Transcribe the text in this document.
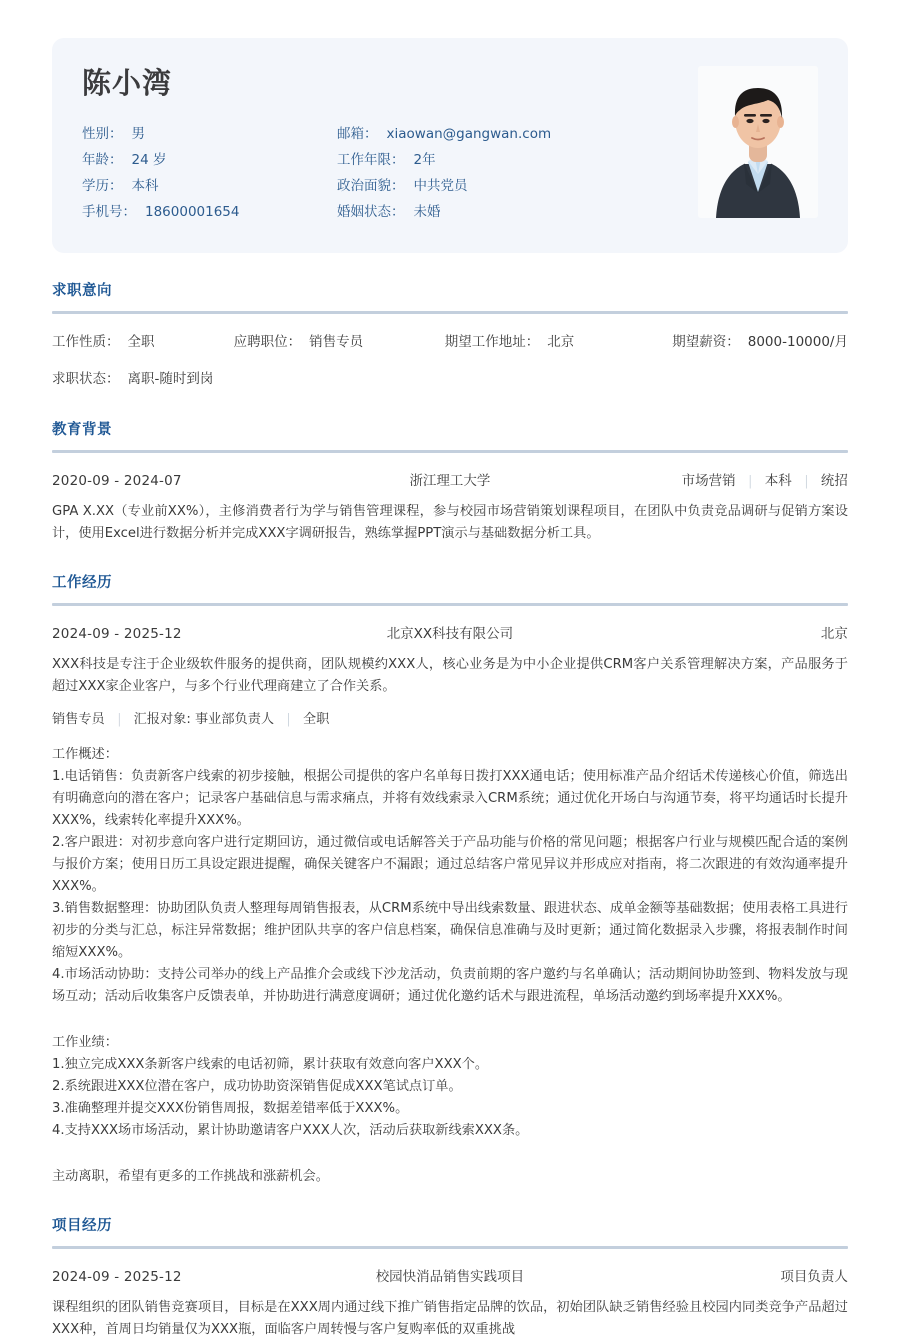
陈小湾
性别： 男	邮箱： xiaowan@gangwan.com
年龄： 24 岁	工作年限： 2年
学历： 本科	政治面貌： 中共党员
手机号： 18600001654	婚姻状态： 未婚
求职意向
工作性质： 全职	应聘职位： 销售专员	期望工作地址： 北京	期望薪资： 8000-10000/月
求职状态： 离职-随时到岗
教育背景
2020-09 - 2024-07	浙江理工大学	市场营销 | 本科 | 统招
GPA X.XX（专业前XX%），主修消费者行为学与销售管理课程，参与校园市场营销策划课程项目，在团队中负责竞品调研与促销方案设计，使用Excel进行数据分析并完成XXX字调研报告，熟练掌握PPT演示与基础数据分析工具。
工作经历
2024-09 - 2025-12	北京XX科技有限公司	北京
XXX科技是专注于企业级软件服务的提供商，团队规模约XXX人，核心业务是为中小企业提供CRM客户关系管理解决方案，产品服务于超过XXX家企业客户，与多个行业代理商建立了合作关系。
销售专员 | 汇报对象: 事业部负责人 | 全职
工作概述：
1.电话销售：负责新客户线索的初步接触，根据公司提供的客户名单每日拨打XXX通电话；使用标准产品介绍话术传递核心价值，筛选出有明确意向的潜在客户；记录客户基础信息与需求痛点，并将有效线索录入CRM系统；通过优化开场白与沟通节奏，将平均通话时长提升XXX%，线索转化率提升XXX%。
2.客户跟进：对初步意向客户进行定期回访，通过微信或电话解答关于产品功能与价格的常见问题；根据客户行业与规模匹配合适的案例与报价方案；使用日历工具设定跟进提醒，确保关键客户不漏跟；通过总结客户常见异议并形成应对指南，将二次跟进的有效沟通率提升XXX%。
3.销售数据整理：协助团队负责人整理每周销售报表，从CRM系统中导出线索数量、跟进状态、成单金额等基础数据；使用表格工具进行初步的分类与汇总，标注异常数据；维护团队共享的客户信息档案，确保信息准确与及时更新；通过简化数据录入步骤，将报表制作时间缩短XXX%。
4.市场活动协助：支持公司举办的线上产品推介会或线下沙龙活动，负责前期的客户邀约与名单确认；活动期间协助签到、物料发放与现场互动；活动后收集客户反馈表单，并协助进行满意度调研；通过优化邀约话术与跟进流程，单场活动邀约到场率提升XXX%。
工作业绩：
1.独立完成XXX条新客户线索的电话初筛，累计获取有效意向客户XXX个。
2.系统跟进XXX位潜在客户，成功协助资深销售促成XXX笔试点订单。
3.准确整理并提交XXX份销售周报，数据差错率低于XXX%。
4.支持XXX场市场活动，累计协助邀请客户XXX人次，活动后获取新线索XXX条。
主动离职，希望有更多的工作挑战和涨薪机会。
项目经历
2024-09 - 2025-12	校园快消品销售实践项目	项目负责人
课程组织的团队销售竞赛项目，目标是在XXX周内通过线下推广销售指定品牌的饮品，初始团队缺乏销售经验且校园内同类竞争产品超过XXX种，首周日均销量仅为XXX瓶，面临客户周转慢与客户复购率低的双重挑战
